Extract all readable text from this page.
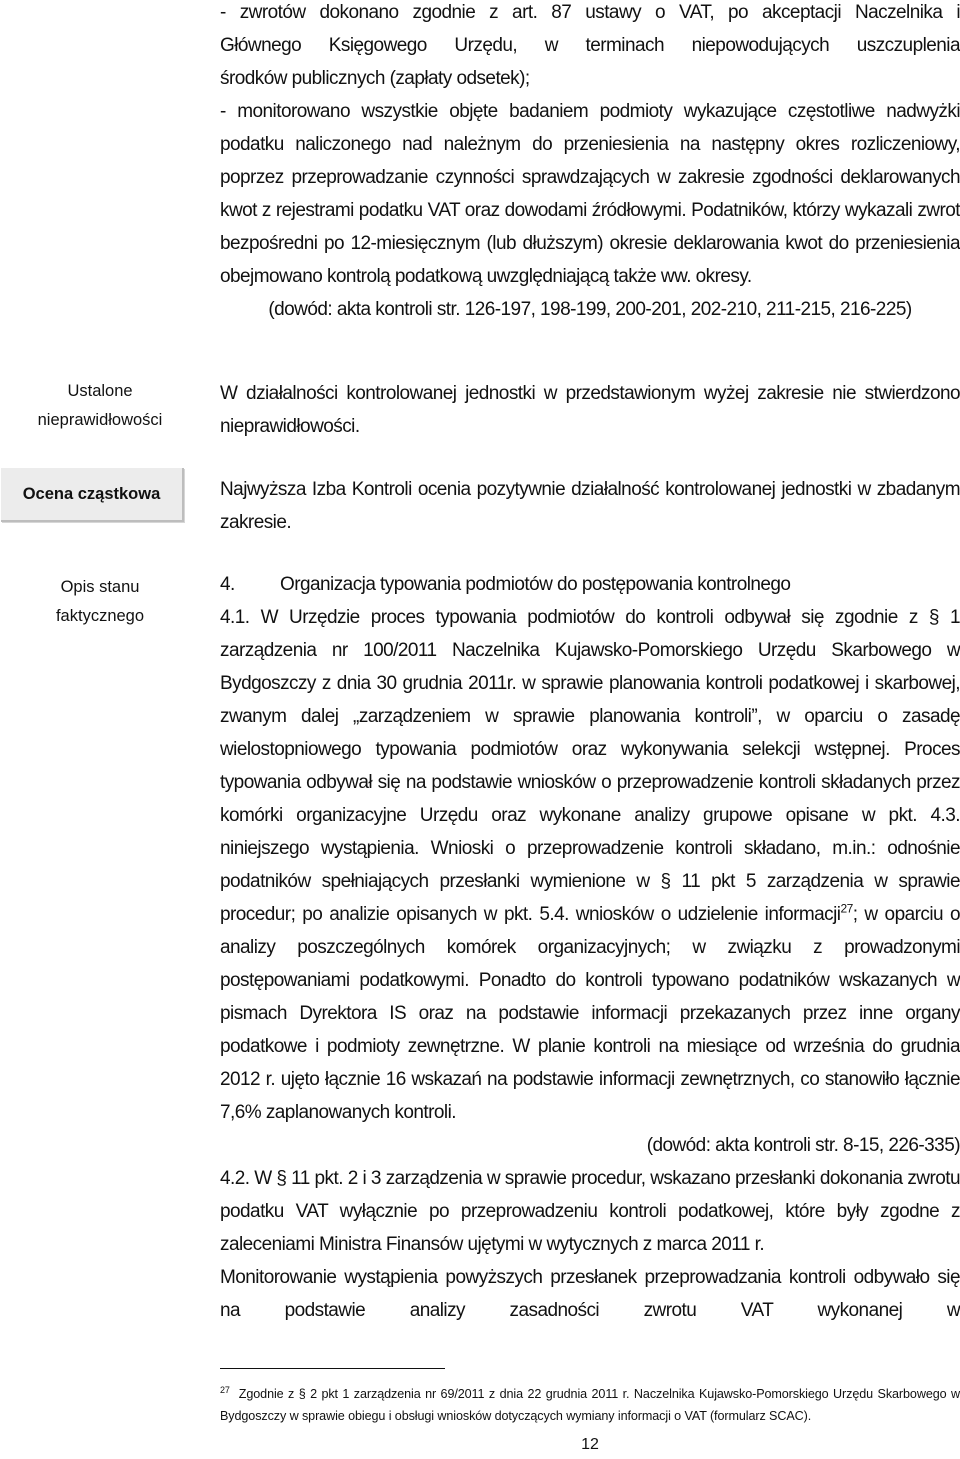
- zwrotów dokonano zgodnie z art. 87 ustawy o VAT, po akceptacji Naczelnika i

Głównego Księgowego Urzędu, w terminach niepowodujących uszczuplenia

środków publicznych (zapłaty odsetek);

- monitorowano wszystkie objęte badaniem podmioty wykazujące częstotliwe nadwyżki podatku naliczonego nad należnym do przeniesienia na następny okres rozliczeniowy, poprzez przeprowadzanie czynności sprawdzających w zakresie zgodności deklarowanych kwot z rejestrami podatku VAT oraz dowodami źródłowymi. Podatników, którzy wykazali zwrot bezpośredni po 12-miesięcznym (lub dłuższym) okresie deklarowania kwot do przeniesienia obejmowano kontrolą podatkową uwzględniającą także ww. okresy.

(dowód: akta kontroli str. 126-197, 198-199, 200-201, 202-210, 211-215, 216-225)

Ustalone nieprawidłowości
Ocena cząstkowa
Opis stanu faktycznego

W działalności kontrolowanej jednostki w przedstawionym wyżej zakresie nie stwierdzono nieprawidłowości.

Najwyższa Izba Kontroli ocenia pozytywnie działalność kontrolowanej jednostki w zbadanym zakresie.

4.	Organizacja typowania podmiotów do postępowania kontrolnego

4.1. W Urzędzie proces typowania podmiotów do kontroli odbywał się zgodnie z § 1 zarządzenia nr 100/2011 Naczelnika Kujawsko-Pomorskiego Urzędu Skarbowego w Bydgoszczy z dnia 30 grudnia 2011r. w sprawie planowania kontroli podatkowej i skarbowej, zwanym dalej „zarządzeniem w sprawie planowania kontroli”, w oparciu o zasadę wielostopniowego typowania podmiotów oraz wykonywania selekcji wstępnej. Proces typowania odbywał się na podstawie wniosków o przeprowadzenie kontroli składanych przez komórki organizacyjne Urzędu oraz wykonane analizy grupowe opisane w pkt. 4.3. niniejszego wystąpienia. Wnioski o przeprowadzenie kontroli składano, m.in.: odnośnie podatników spełniających przesłanki wymienione w § 11 pkt 5 zarządzenia w sprawie procedur; po analizie opisanych w pkt. 5.4. wniosków o udzielenie informacji$^{27}$; w oparciu o analizy poszczególnych komórek organizacyjnych; w związku z prowadzonymi postępowaniami podatkowymi. Ponadto do kontroli typowano podatników wskazanych w pismach Dyrektora IS oraz na podstawie informacji przekazanych przez inne organy podatkowe i podmioty zewnętrzne. W planie kontroli na miesiące od września do grudnia 2012 r. ujęto łącznie 16 wskazań na podstawie informacji zewnętrznych, co stanowiło łącznie 7,6% zaplanowanych kontroli.

(dowód: akta kontroli str. 8-15, 226-335)

4.2. W § 11 pkt. 2 i 3 zarządzenia w sprawie procedur, wskazano przesłanki dokonania zwrotu podatku VAT wyłącznie po przeprowadzeniu kontroli podatkowej, które były zgodne z zaleceniami Ministra Finansów ujętymi w wytycznych z marca 2011 r.

Monitorowanie wystąpienia powyższych przesłanek przeprowadzania kontroli odbywało się na podstawie analizy zasadności zwrotu VAT wykonanej w

$^{27}$ Zgodnie z § 2 pkt 1 zarządzenia nr 69/2011 z dnia 22 grudnia 2011 r. Naczelnika Kujawsko-Pomorskiego Urzędu Skarbowego w Bydgoszczy w sprawie obiegu i obsługi wniosków dotyczących wymiany informacji o VAT (formularz SCAC).
12
